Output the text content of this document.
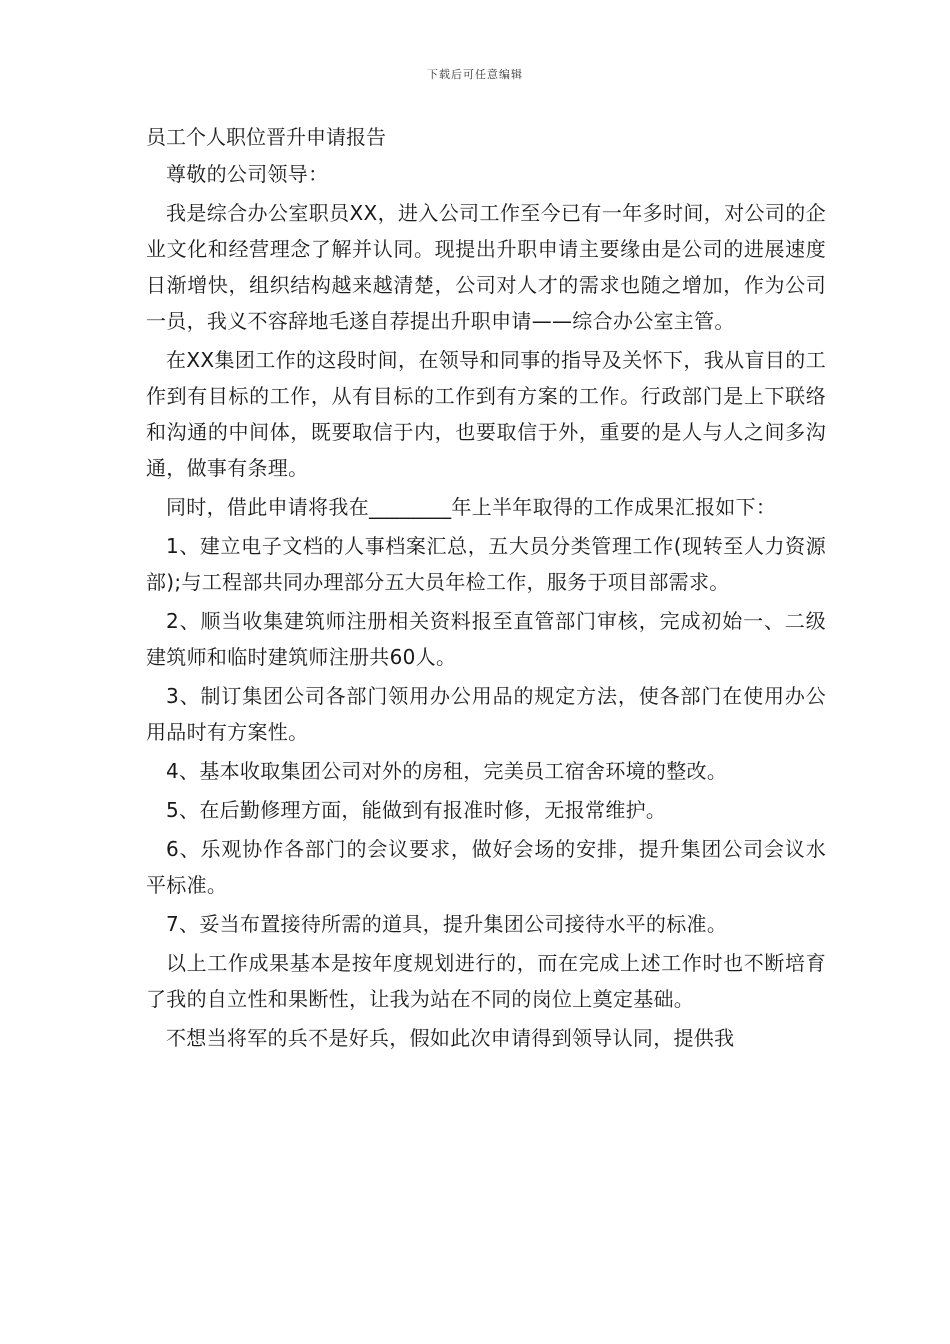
下载后可任意编辑
员工个人职位晋升申请报告

尊敬的公司领导：

我是综合办公室职员XX，进入公司工作至今已有一年多时间，对公司的企业文化和经营理念了解并认同。现提出升职申请主要缘由是公司的进展速度日渐增快，组织结构越来越清楚，公司对人才的需求也随之增加，作为公司一员，我义不容辞地毛遂自荐提出升职申请——综合办公室主管。

在XX集团工作的这段时间，在领导和同事的指导及关怀下，我从盲目的工作到有目标的工作，从有目标的工作到有方案的工作。行政部门是上下联络和沟通的中间体，既要取信于内，也要取信于外，重要的是人与人之间多沟通，做事有条理。

同时，借此申请将我在________年上半年取得的工作成果汇报如下：

1、建立电子文档的人事档案汇总，五大员分类管理工作(现转至人力资源部);与工程部共同办理部分五大员年检工作，服务于项目部需求。

2、顺当收集建筑师注册相关资料报至直管部门审核，完成初始一、二级建筑师和临时建筑师注册共60人。

3、制订集团公司各部门领用办公用品的规定方法，使各部门在使用办公用品时有方案性。

4、基本收取集团公司对外的房租，完美员工宿舍环境的整改。

5、在后勤修理方面，能做到有报准时修，无报常维护。

6、乐观协作各部门的会议要求，做好会场的安排，提升集团公司会议水平标准。

7、妥当布置接待所需的道具，提升集团公司接待水平的标准。

以上工作成果基本是按年度规划进行的，而在完成上述工作时也不断培育了我的自立性和果断性，让我为站在不同的岗位上奠定基础。

不想当将军的兵不是好兵，假如此次申请得到领导认同，提供我
